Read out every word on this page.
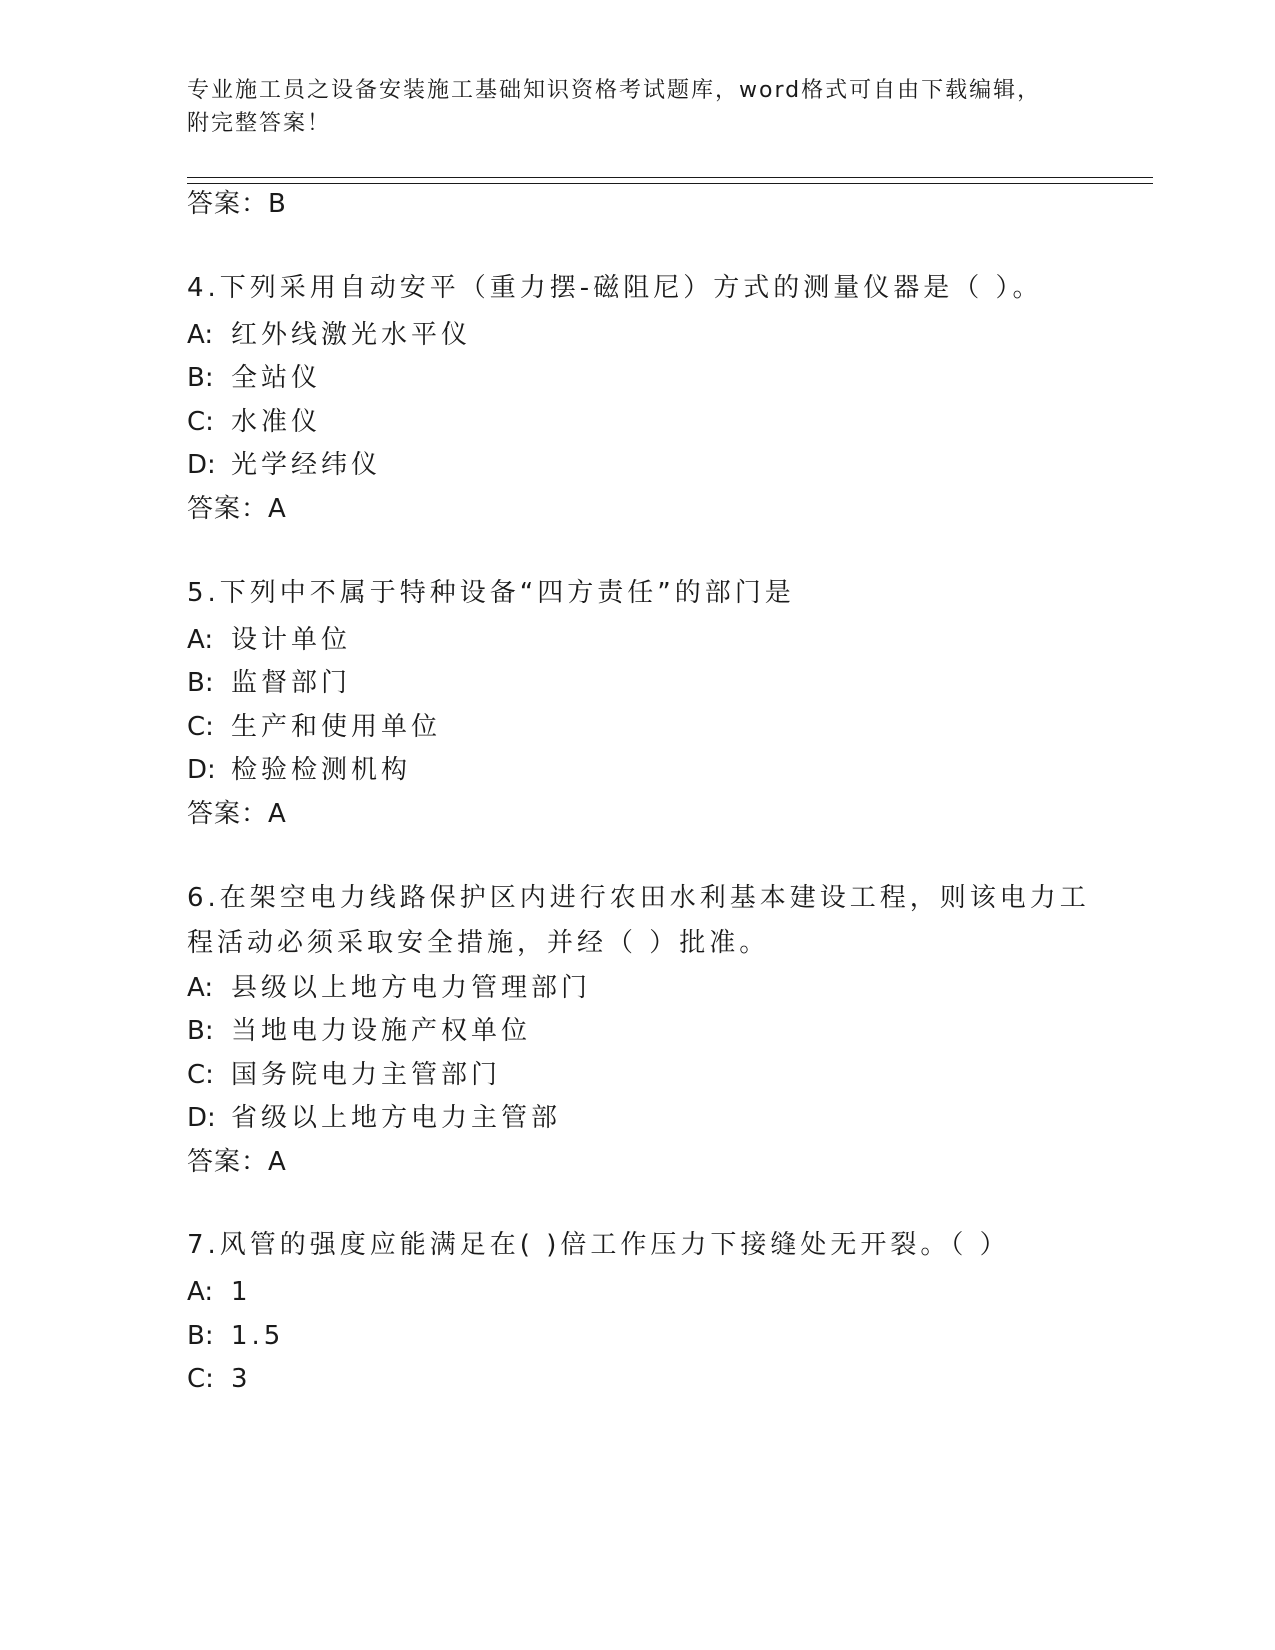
专业施工员之设备安装施工基础知识资格考试题库，word格式可自由下载编辑，
附完整答案！
答案：B
4.下列采用自动安平（重力摆-磁阻尼）方式的测量仪器是（ ）。
A: 红外线激光水平仪
B: 全站仪
C: 水准仪
D: 光学经纬仪
答案：A
5.下列中不属于特种设备“四方责任”的部门是
A: 设计单位
B: 监督部门
C: 生产和使用单位
D: 检验检测机构
答案：A
6.在架空电力线路保护区内进行农田水利基本建设工程，则该电力工
程活动必须采取安全措施，并经（ ）批准。
A: 县级以上地方电力管理部门
B: 当地电力设施产权单位
C: 国务院电力主管部门
D: 省级以上地方电力主管部
答案：A
7.风管的强度应能满足在( )倍工作压力下接缝处无开裂。（ ）
A: 1
B: 1.5
C: 3
